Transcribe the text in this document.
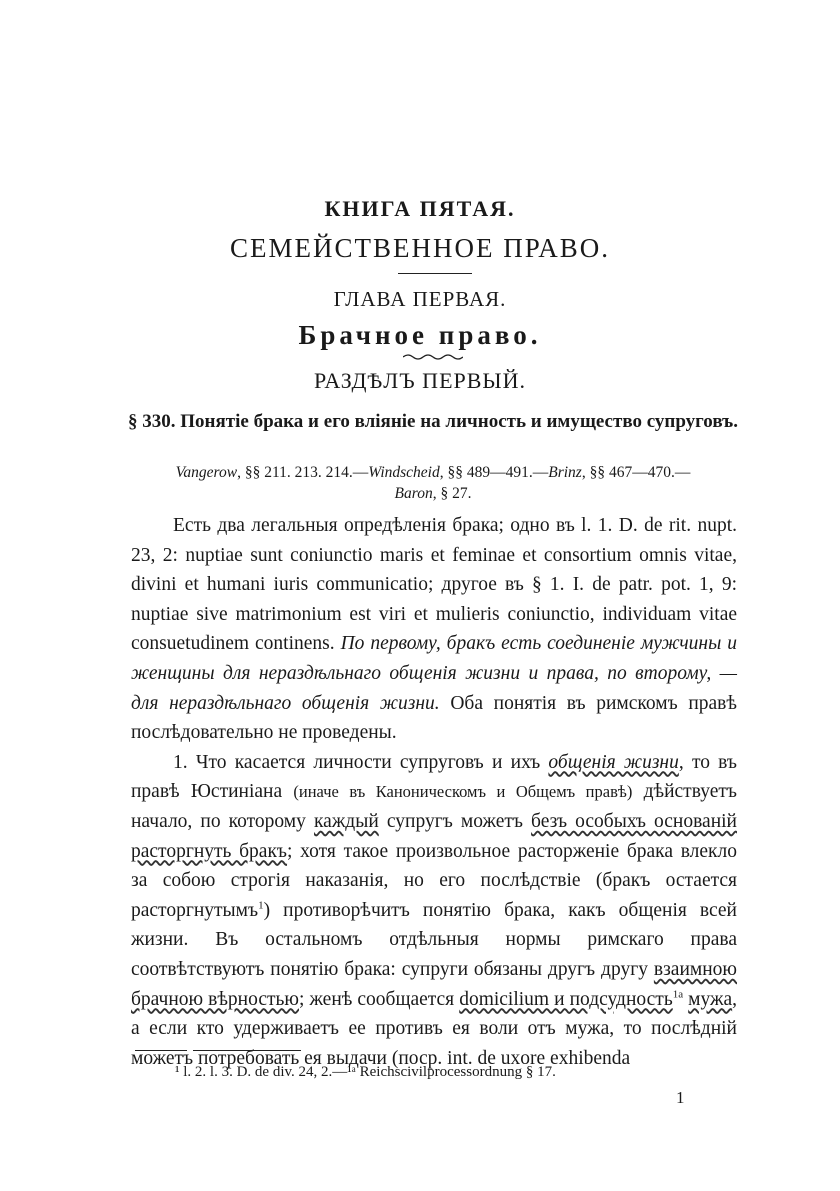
КНИГА ПЯТАЯ.
СЕМЕЙСТВЕННОЕ ПРАВО.
ГЛАВА ПЕРВАЯ.
Брачное право.
РАЗДѢЛЪ ПЕРВЫЙ.
§ 330. Понятіе брака и его вліяніе на личность и имущество супруговъ.
Vangerow, §§ 211. 213. 214.—Windscheid, §§ 489—491.—Brinz, §§ 467—470.—
Baron, § 27.

Есть два легальныя опредѣленія брака; одно въ l. 1. D. de rit. nupt. 23, 2: nuptiae sunt coniunctio maris et feminae et consortium omnis vitae, divini et humani iuris communicatio; другое въ § 1. I. de patr. pot. 1, 9: nuptiae sive matrimonium est viri et mulieris coniunctio, individuam vitae consuetudinem continens. По первому, бракъ есть соединеніе мужчины и женщины для нераздѣльнаго общенія жизни и права, по второму, — для нераздѣльнаго общенія жизни. Оба понятія въ римскомъ правѣ послѣдовательно не проведены.

1. Что касается личности супруговъ и ихъ общенія жизни, то въ правѣ Юстиніана (иначе въ Каноническомъ и Общемъ правѣ) дѣйствуетъ начало, по которому каждый супругъ можетъ безъ особыхъ основаній расторгнуть бракъ; хотя такое произвольное расторженіе брака влекло за собою строгія наказанія, но его послѣдствіе (бракъ остается расторгнутымъ$^1$) противорѣчитъ понятію брака, какъ общенія всей жизни. Въ остальномъ отдѣльныя нормы римскаго права соотвѣтствуютъ понятію брака: супруги обязаны другъ другу взаимною брачною вѣрностью; женѣ сообщается domicilium и подсудность$^{1a}$ мужа, а если кто удерживаетъ ее противъ ея воли отъ мужа, то послѣдній можетъ потребовать ея выдачи (поср. int. de uxore exhibenda

¹ l. 2. l. 3. D. de div. 24, 2.—¹ᵃ Reichscivilprocessordnung § 17.
1
